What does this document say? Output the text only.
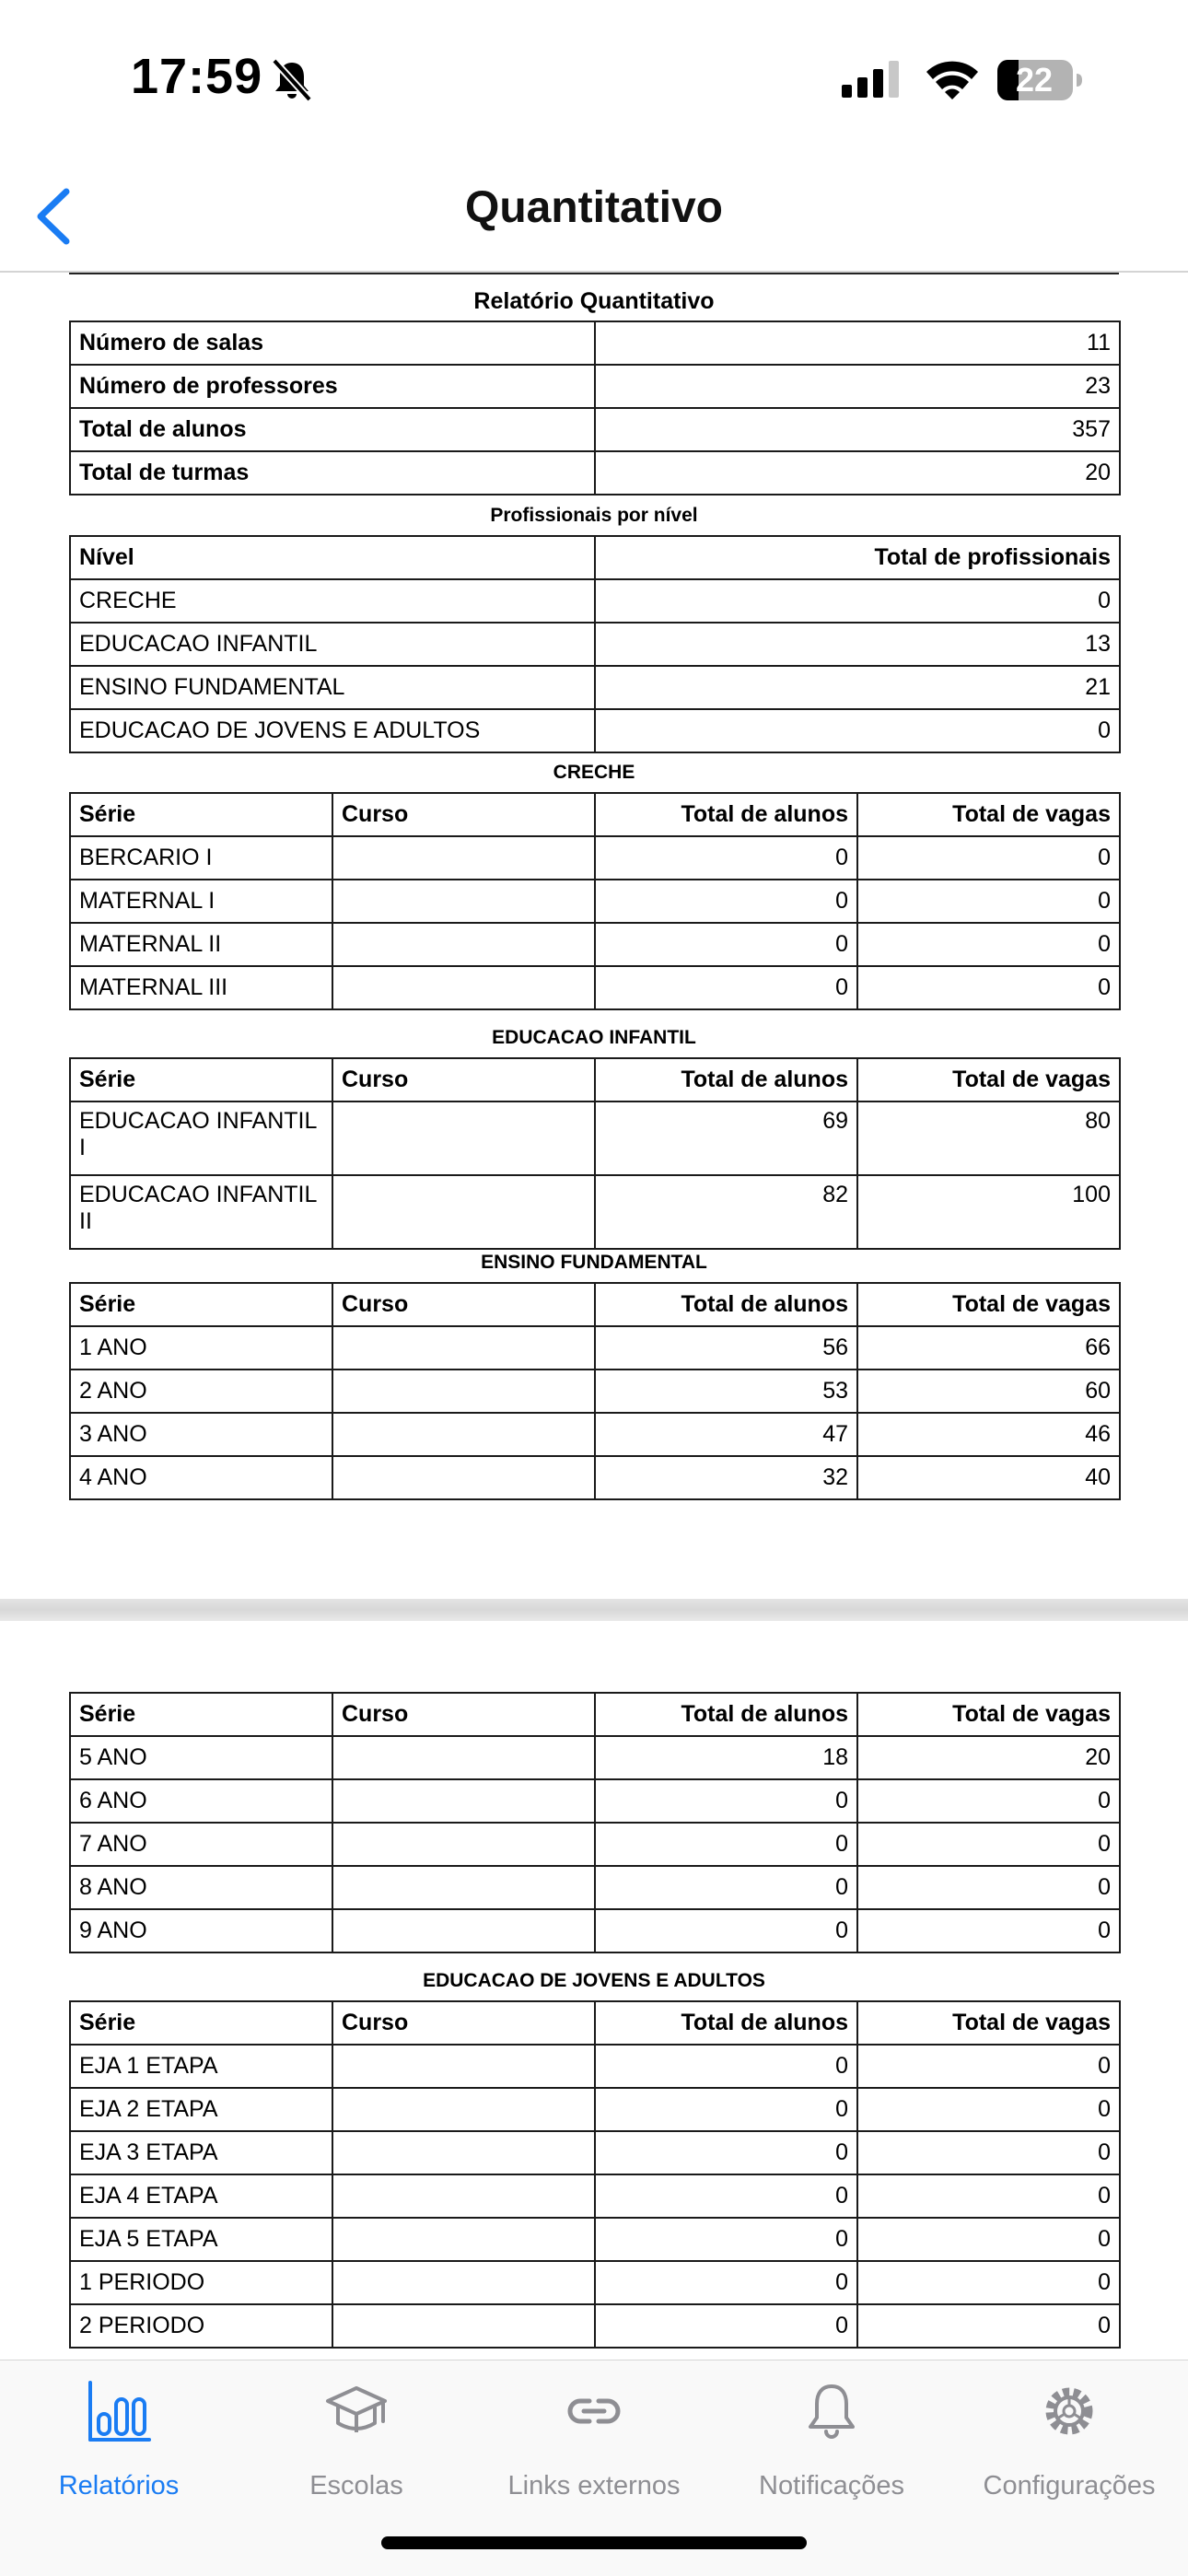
17:59	22
Quantitativo
Relatório Quantitativo
Número de salas	11
Número de professores	23
Total de alunos	357
Total de turmas	20
Profissionais por nível
Nível	Total de profissionais
CRECHE	0
EDUCACAO INFANTIL	13
ENSINO FUNDAMENTAL	21
EDUCACAO DE JOVENS E ADULTOS	0
CRECHE
Série	Curso	Total de alunos	Total de vagas
BERCARIO I		0	0
MATERNAL I		0	0
MATERNAL II		0	0
MATERNAL III		0	0
EDUCACAO INFANTIL
Série	Curso	Total de alunos	Total de vagas
EDUCACAO INFANTIL I		69	80
EDUCACAO INFANTIL II		82	100
ENSINO FUNDAMENTAL
Série	Curso	Total de alunos	Total de vagas
1 ANO		56	66
2 ANO		53	60
3 ANO		47	46
4 ANO		32	40
Série	Curso	Total de alunos	Total de vagas
5 ANO		18	20
6 ANO		0	0
7 ANO		0	0
8 ANO		0	0
9 ANO		0	0
EDUCACAO DE JOVENS E ADULTOS
Série	Curso	Total de alunos	Total de vagas
EJA 1 ETAPA		0	0
EJA 2 ETAPA		0	0
EJA 3 ETAPA		0	0
EJA 4 ETAPA		0	0
EJA 5 ETAPA		0	0
1 PERIODO		0	0
2 PERIODO		0	0
Relatórios	Escolas	Links externos	Notificações	Configurações
